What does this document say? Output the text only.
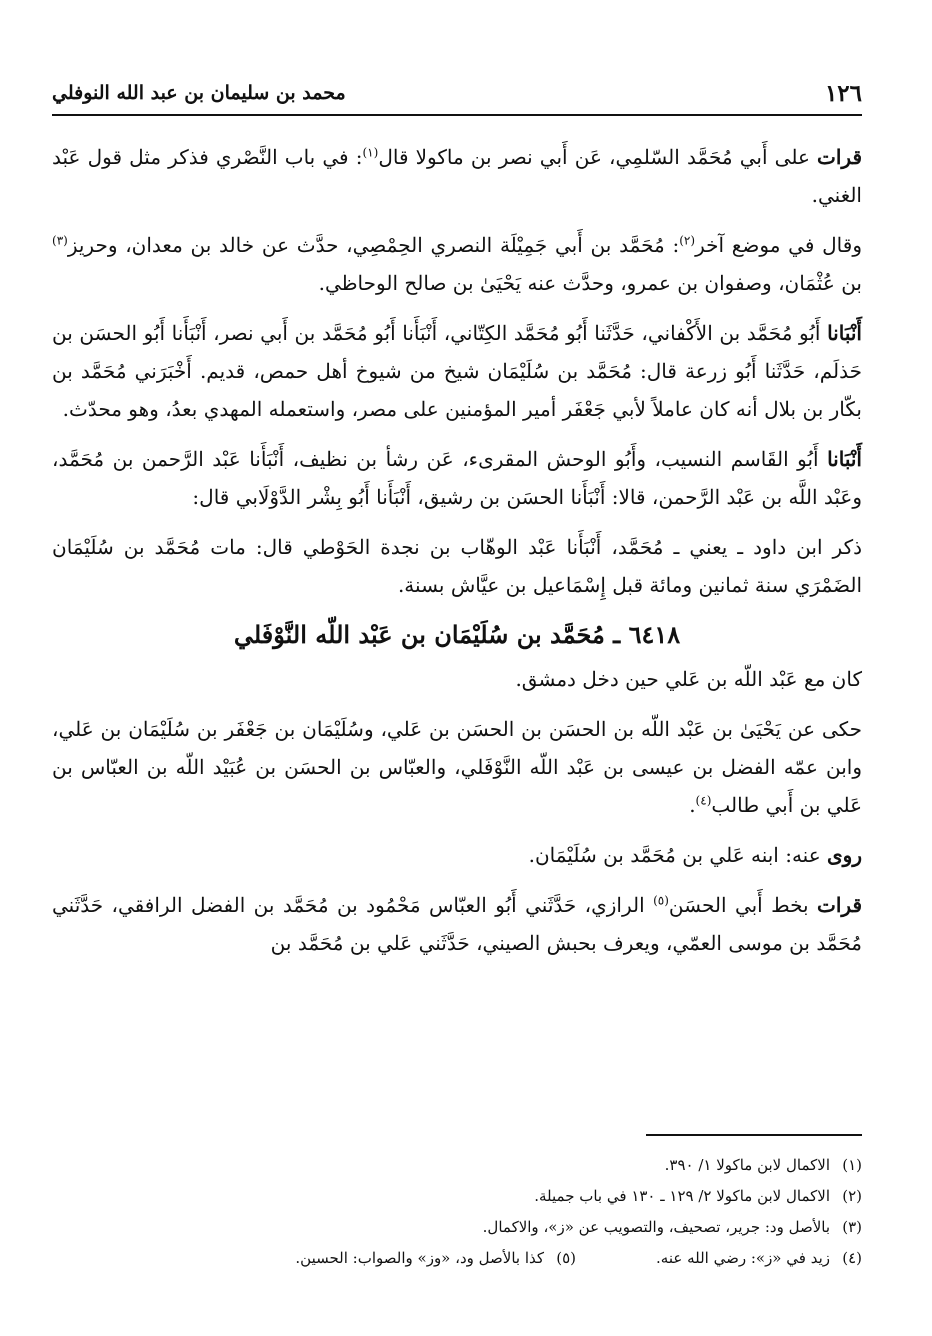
١٢٦
محمد بن سليمان بن عبد الله النوفلي

قرات على أَبي مُحَمَّد السّلمِي، عَن أَبي نصر بن ماكولا قال$^{(١)}$: في باب النَّصْري فذكر مثل قول عَبْد الغني.

وقال في موضع آخر$^{(٢)}$: مُحَمَّد بن أَبي جَمِيْلَة النصري الحِمْصِي، حدَّث عن خالد بن معدان، وحريز$^{(٣)}$ بن عُثْمَان، وصفوان بن عمرو، وحدَّث عنه يَحْيَىٰ بن صالح الوحاظي.

أَنْبَانا أَبُو مُحَمَّد بن الأَكْفاني، حَدَّثَنا أَبُو مُحَمَّد الكِتّاني، أَنْبَأَنا أَبُو مُحَمَّد بن أَبي نصر، أَنْبَأَنا أَبُو الحسَن بن حَذلَم، حَدَّثَنا أَبُو زرعة قال: مُحَمَّد بن سُلَيْمَان شيخ من شيوخ أهل حمص، قديم. أَخْبَرَني مُحَمَّد بن بكّار بن بلال أنه كان عاملاً لأبي جَعْفَر أمير المؤمنين على مصر، واستعمله المهدي بعدُ، وهو محدّث.

أَنْبَانا أَبُو القَاسم النسيب، وأَبُو الوحش المقرىء، عَن رشأ بن نظيف، أَنْبَأَنا عَبْد الرَّحمن بن مُحَمَّد، وعَبْد اللَّه بن عَبْد الرَّحمن، قالا: أَنْبَأَنا الحسَن بن رشيق، أَنْبَأَنا أَبُو بِشْر الدَّوْلَابي قال:

ذكر ابن داود ـ يعني ـ مُحَمَّد، أَنْبَأَنا عَبْد الوهّاب بن نجدة الحَوْطي قال: مات مُحَمَّد بن سُلَيْمَان الضَمْرَي سنة ثمانين ومائة قبل إِسْمَاعيل بن عيَّاش بسنة.

٦٤١٨ ـ مُحَمَّد بن سُلَيْمَان بن عَبْد اللّه النَّوْفَلي

كان مع عَبْد اللّه بن عَلي حين دخل دمشق.

حكى عن يَحْيَىٰ بن عَبْد اللّه بن الحسَن بن الحسَن بن عَلي، وسُلَيْمَان بن جَعْفَر بن سُلَيْمَان بن عَلي، وابن عمّه الفضل بن عيسى بن عَبْد اللّه النَّوْفَلي، والعبّاس بن الحسَن بن عُبَيْد اللّه بن العبّاس بن عَلي بن أَبي طالب$^{(٤)}$.

روى عنه: ابنه عَلي بن مُحَمَّد بن سُلَيْمَان.

قرات بخط أَبي الحسَن$^{(٥)}$ الرازي، حَدَّثَني أَبُو العبّاس مَحْمُود بن مُحَمَّد بن الفضل الرافقي، حَدَّثَني مُحَمَّد بن موسى العمّي، ويعرف بحبش الصيني، حَدَّثَني عَلي بن مُحَمَّد بن

(١)الاكمال لابن ماكولا ١/ ٣٩٠.
(٢)الاكمال لابن ماكولا ٢/ ١٢٩ ـ ١٣٠ في باب جميلة.
(٣)بالأصل ود: جرير، تصحيف، والتصويب عن «ز»، والاكمال.
(٤)زيد في «ز»: رضي الله عنه.
(٥)كذا بالأصل ود، «وز» والصواب: الحسين.
